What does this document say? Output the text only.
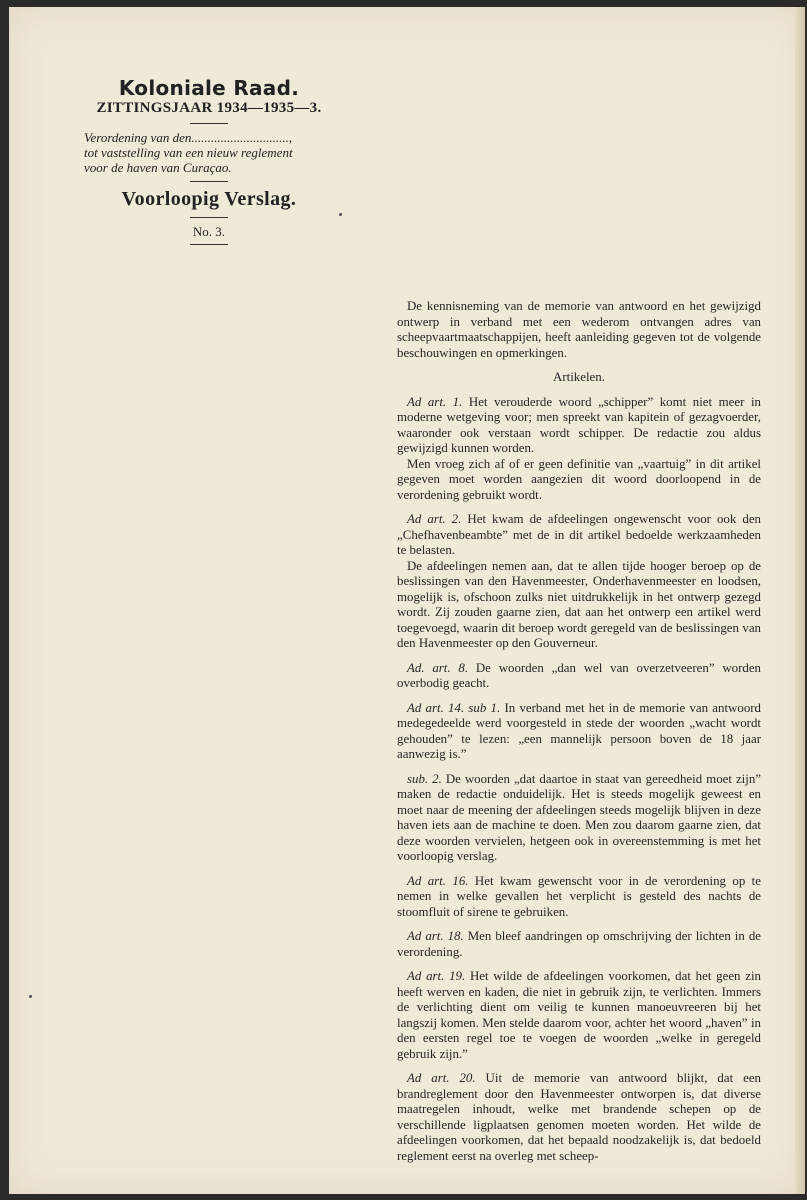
Koloniale Raad.

ZITTINGSJAAR 1934—1935—3.

Verordening van den..............................,
tot vaststelling van een nieuw reglement
voor de haven van Curaçao.

Voorloopig Verslag.

No. 3.

De kennisneming van de memorie van antwoord en het gewijzigd ontwerp in verband met een wederom ontvangen adres van scheepvaartmaatschappijen, heeft aanleiding gegeven tot de volgende beschouwingen en opmerkingen.

Artikelen.

Ad art. 1. Het verouderde woord „schipper” komt niet meer in moderne wetgeving voor; men spreekt van kapitein of gezagvoerder, waaronder ook verstaan wordt schipper. De redactie zou aldus gewijzigd kunnen worden.

Men vroeg zich af of er geen definitie van „vaartuig” in dit artikel gegeven moet worden aangezien dit woord doorloopend in de verordening gebruikt wordt.

Ad art. 2. Het kwam de afdeelingen ongewenscht voor ook den „Chefhavenbeambte” met de in dit artikel bedoelde werkzaamheden te belasten.

De afdeelingen nemen aan, dat te allen tijde hooger beroep op de beslissingen van den Havenmeester, Onderhavenmeester en loodsen, mogelijk is, ofschoon zulks niet uitdrukkelijk in het ontwerp gezegd wordt. Zij zouden gaarne zien, dat aan het ontwerp een artikel werd toegevoegd, waarin dit beroep wordt geregeld van de beslissingen van den Havenmeester op den Gouverneur.

Ad. art. 8. De woorden „dan wel van overzetveeren” worden overbodig geacht.

Ad art. 14. sub 1. In verband met het in de memorie van antwoord medegedeelde werd voorgesteld in stede der woorden „wacht wordt gehouden” te lezen: „een mannelijk persoon boven de 18 jaar aanwezig is.”

sub. 2. De woorden „dat daartoe in staat van gereedheid moet zijn” maken de redactie onduidelijk. Het is steeds mogelijk geweest en moet naar de meening der afdeelingen steeds mogelijk blijven in deze haven iets aan de machine te doen. Men zou daarom gaarne zien, dat deze woorden vervielen, hetgeen ook in overeenstemming is met het voorloopig verslag.

Ad art. 16. Het kwam gewenscht voor in de verordening op te nemen in welke gevallen het verplicht is gesteld des nachts de stoomfluit of sirene te gebruiken.

Ad art. 18. Men bleef aandringen op omschrijving der lichten in de verordening.

Ad art. 19. Het wilde de afdeelingen voorkomen, dat het geen zin heeft werven en kaden, die niet in gebruik zijn, te verlichten. Immers de verlichting dient om veilig te kunnen manoeuvreeren bij het langszij komen. Men stelde daarom voor, achter het woord „haven” in den eersten regel toe te voegen de woorden „welke in geregeld gebruik zijn.”

Ad art. 20. Uit de memorie van antwoord blijkt, dat een brandreglement door den Havenmeester ontworpen is, dat diverse maatregelen inhoudt, welke met brandende schepen op de verschillende ligplaatsen genomen moeten worden. Het wilde de afdeelingen voorkomen, dat het bepaald noodzakelijk is, dat bedoeld reglement eerst na overleg met scheep-
